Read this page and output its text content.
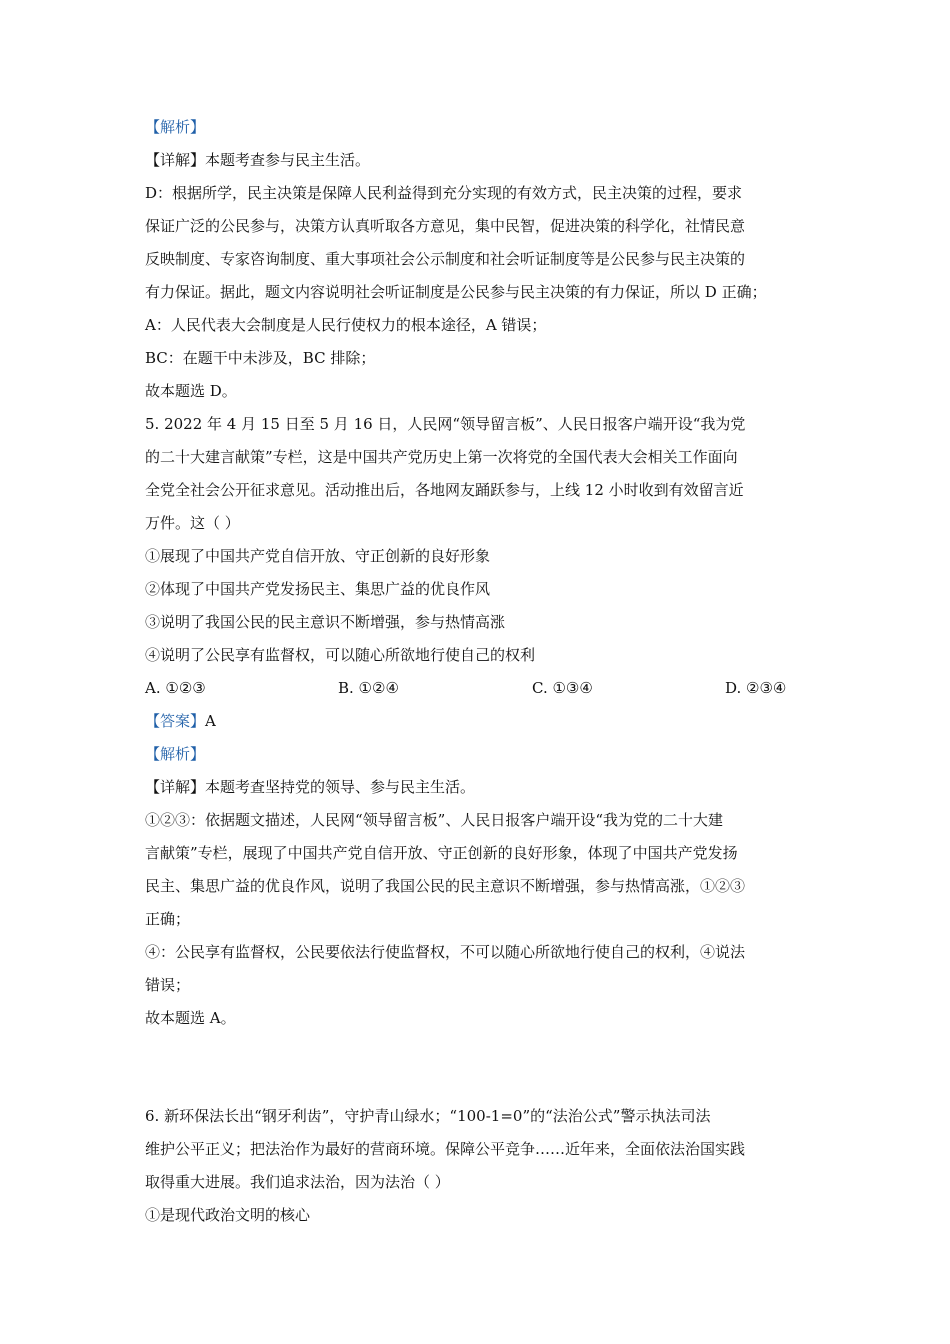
【解析】
【详解】本题考查参与民主生活。
D：根据所学，民主决策是保障人民利益得到充分实现的有效方式，民主决策的过程，要求
保证广泛的公民参与，决策方认真听取各方意见，集中民智，促进决策的科学化，社情民意
反映制度、专家咨询制度、重大事项社会公示制度和社会听证制度等是公民参与民主决策的
有力保证。据此，题文内容说明社会听证制度是公民参与民主决策的有力保证，所以 D 正确；
A：人民代表大会制度是人民行使权力的根本途径，A 错误；
BC：在题干中未涉及，BC 排除；
故本题选 D。
5. 2022 年 4 月 15 日至 5 月 16 日，人民网“领导留言板”、人民日报客户端开设“我为党
的二十大建言献策”专栏，这是中国共产党历史上第一次将党的全国代表大会相关工作面向
全党全社会公开征求意见。活动推出后，各地网友踊跃参与，上线 12 小时收到有效留言近
万件。这（ ）
①展现了中国共产党自信开放、守正创新的良好形象
②体现了中国共产党发扬民主、集思广益的优良作风
③说明了我国公民的民主意识不断增强，参与热情高涨
④说明了公民享有监督权，可以随心所欲地行使自己的权利
A. ①②③	B. ①②④	C. ①③④	D. ②③④
【答案】A
【解析】
【详解】本题考查坚持党的领导、参与民主生活。
①②③：依据题文描述，人民网“领导留言板”、人民日报客户端开设“我为党的二十大建
言献策”专栏，展现了中国共产党自信开放、守正创新的良好形象，体现了中国共产党发扬
民主、集思广益的优良作风，说明了我国公民的民主意识不断增强，参与热情高涨，①②③
正确；
④：公民享有监督权，公民要依法行使监督权，不可以随心所欲地行使自己的权利，④说法
错误；
故本题选 A。
6. 新环保法长出“钢牙利齿”，守护青山绿水；“100-1=0”的“法治公式”警示执法司法
维护公平正义；把法治作为最好的营商环境。保障公平竞争……近年来，全面依法治国实践
取得重大进展。我们追求法治，因为法治（ ）
①是现代政治文明的核心
